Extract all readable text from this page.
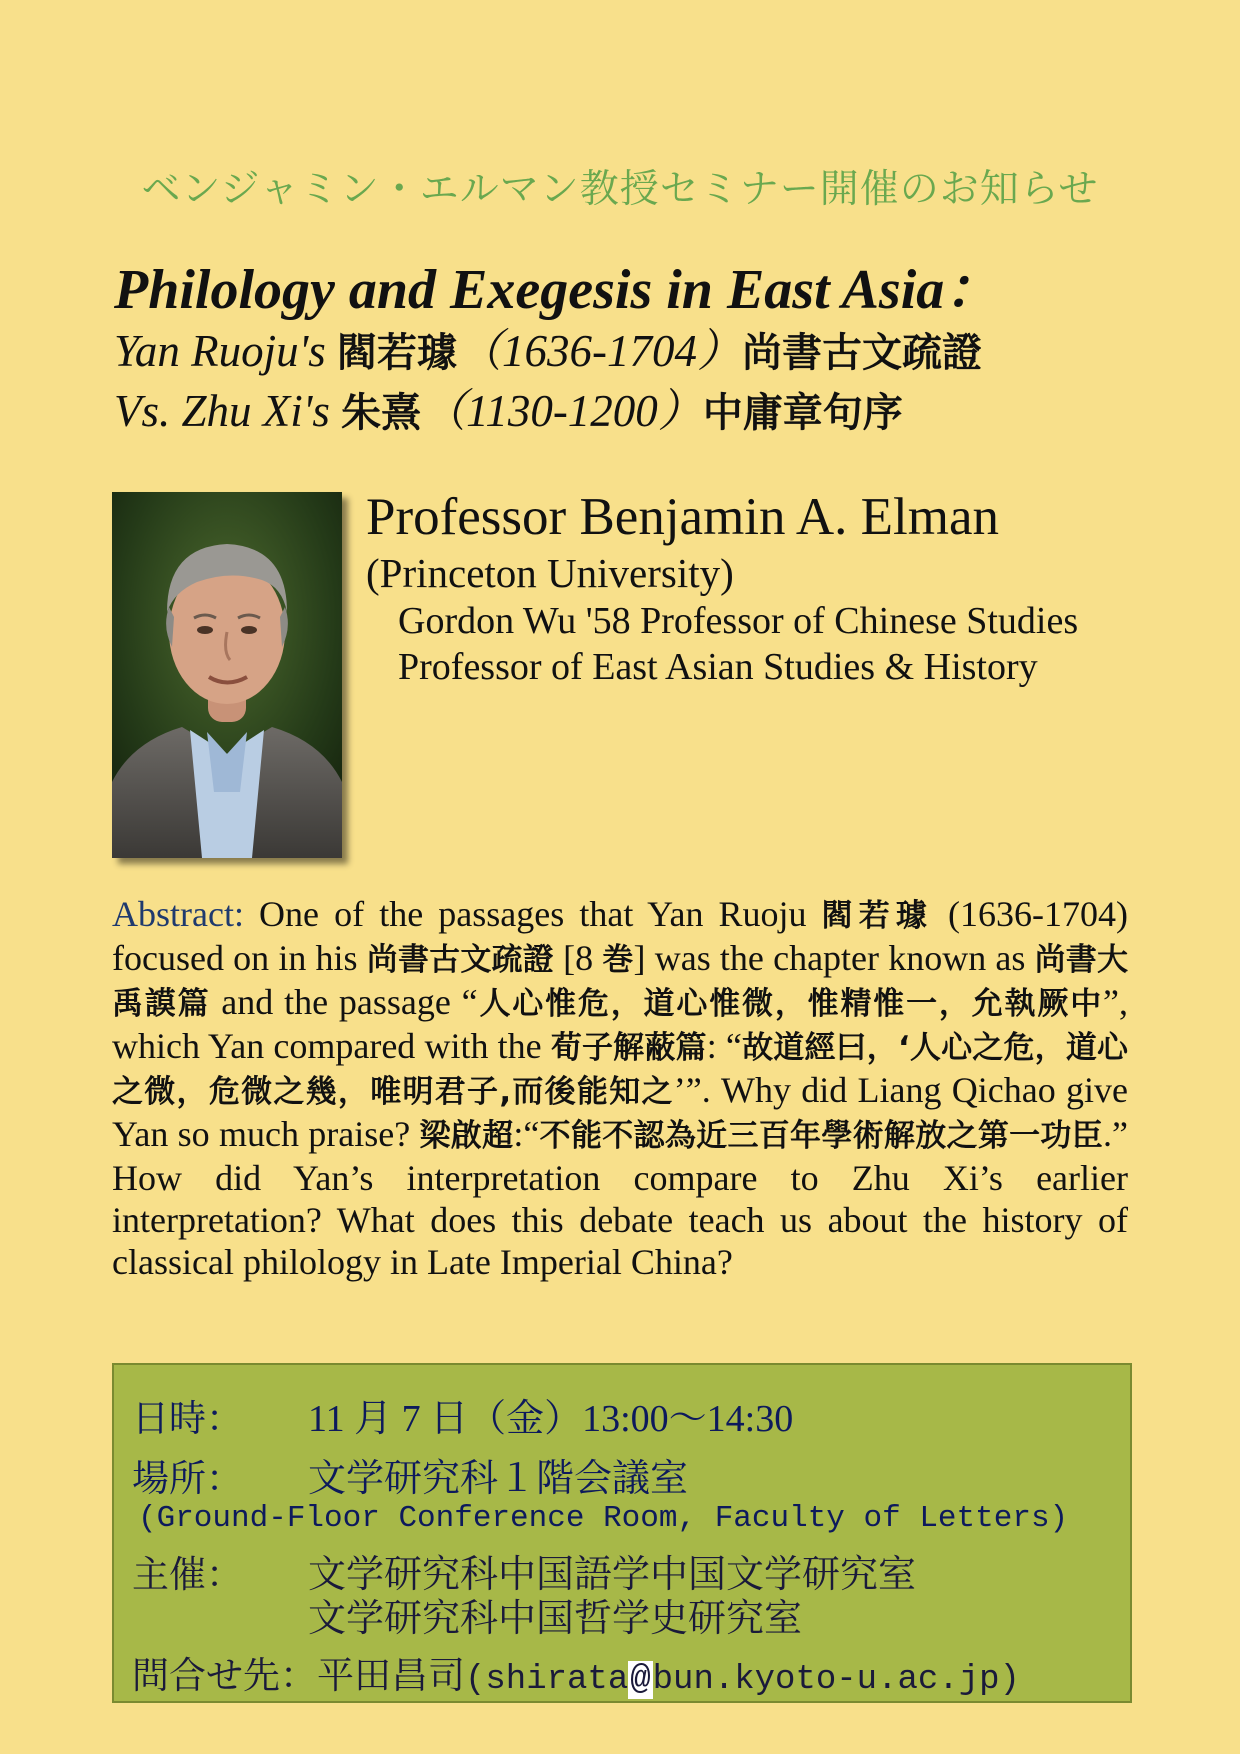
ベンジャミン・エルマン教授セミナー開催のお知らせ
Philology and Exegesis in East Asia：
Yan Ruoju's 閻若璩（1636-1704）尚書古文疏證
Vs. Zhu Xi's 朱熹（1130-1200）中庸章句序
Professor Benjamin A. Elman
(Princeton University)
Gordon Wu '58 Professor of Chinese Studies
Professor of East Asian Studies & History
Abstract: One of the passages that Yan Ruoju 閻若璩 (1636-1704) focused on in his 尚書古文疏證 [8 巻] was the chapter known as 尚書大禹謨篇 and the passage “人心惟危，道心惟微，惟精惟一，允執厥中”, which Yan compared with the 荀子解蔽篇: “故道經曰，‘人心之危，道心之微，危微之幾，唯明君子,而後能知之’”. Why did Liang Qichao give Yan so much praise? 梁啟超:“不能不認為近三百年學術解放之第一功臣.” How did Yan’s interpretation compare to Zhu Xi’s earlier interpretation? What does this debate teach us about the history of classical philology in Late Imperial China?
日時： 11 月 7 日（金）13:00〜14:30
場所： 文学研究科１階会議室
(Ground-Floor Conference Room, Faculty of Letters)
主催： 文学研究科中国語学中国文学研究室
文学研究科中国哲学史研究室
問合せ先：平田昌司(shirata@bun.kyoto-u.ac.jp)
